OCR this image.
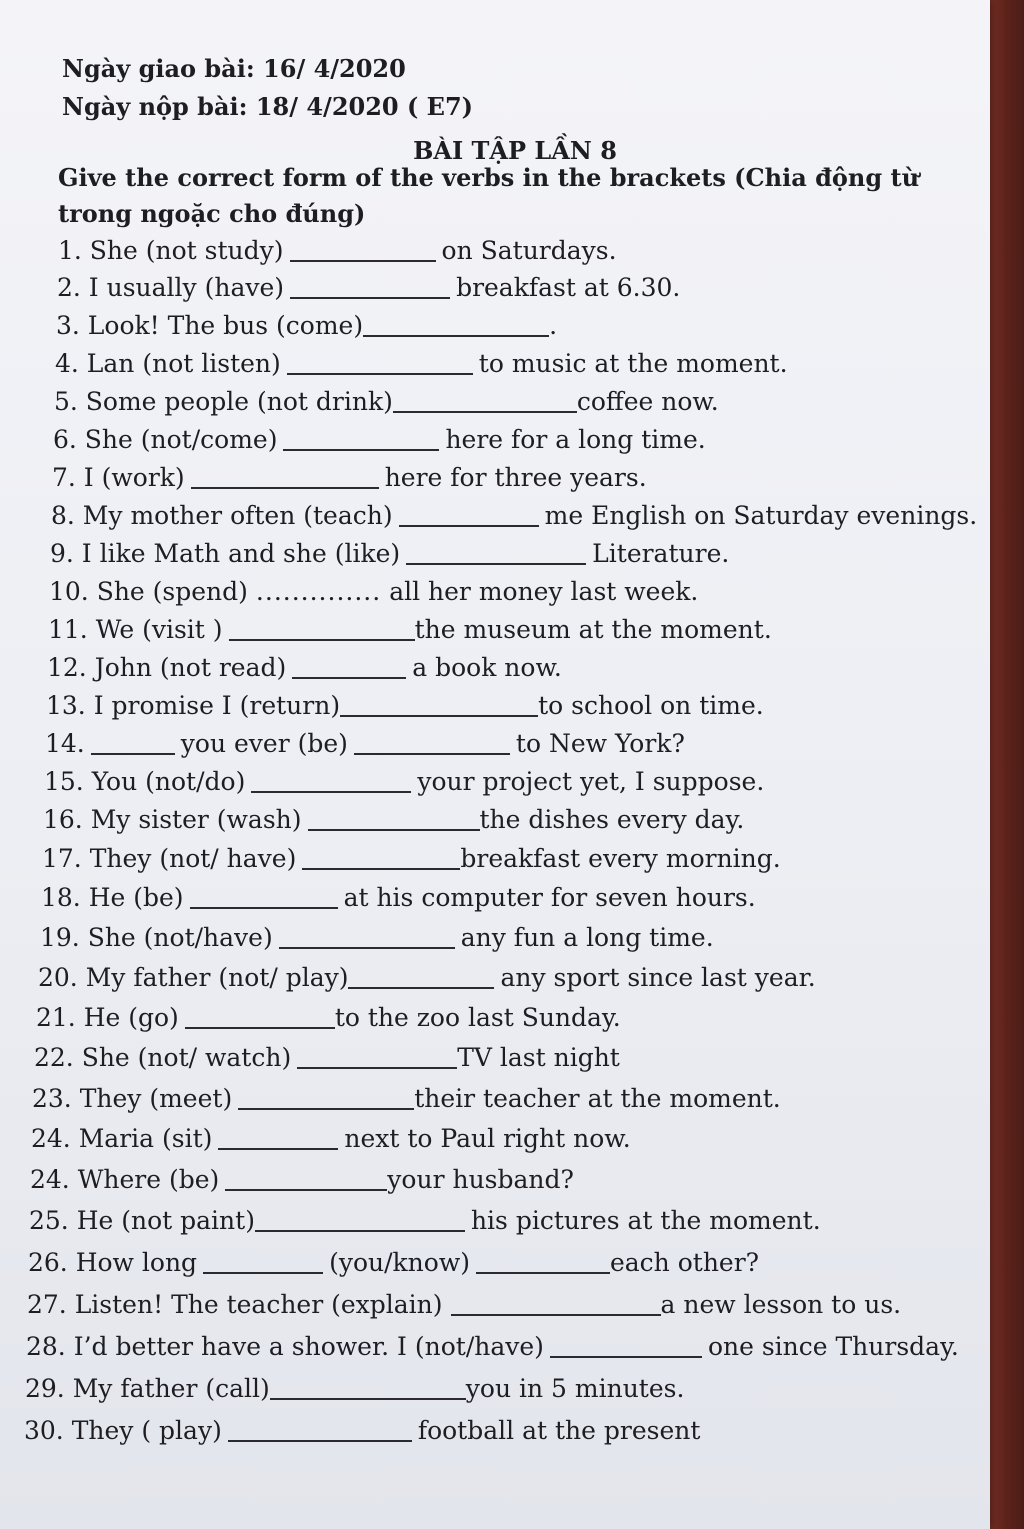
Ngày giao bài: 16/ 4/2020
Ngày nộp bài: 18/ 4/2020 ( E7)
BÀI TẬP LẦN 8
Give the correct form of the verbs in the brackets (Chia động từ trong ngoặc cho đúng)
1. She (not study)	on Saturdays.
2. I usually (have)	breakfast at 6.30.
3. Look! The bus (come)	.
4. Lan (not listen)	to music at the moment.
5. Some people (not drink)	coffee now.
6. She (not/come)	here for a long time.
7. I (work)	here for three years.
8. My mother often (teach)	me English on Saturday evenings.
9. I like Math and she (like)	Literature.
10. She (spend) .............. all her money last week.
11. We (visit )	the museum at the moment.
12. John (not read)	a book now.
13. I promise I (return)	to school on time.
14.	you ever (be)	to New York?
15. You (not/do)	your project yet, I suppose.
16. My sister (wash)	the dishes every day.
17. They (not/ have)	breakfast every morning.
18. He (be)	at his computer for seven hours.
19. She (not/have)	any fun a long time.
20. My father (not/ play)	any sport since last year.
21. He (go)	to the zoo last Sunday.
22. She (not/ watch)	TV last night
23. They (meet)	their teacher at the moment.
24. Maria (sit)	next to Paul right now.
24. Where (be)	your husband?
25. He (not paint)	his pictures at the moment.
26. How long	(you/know)	each other?
27. Listen! The teacher (explain)	a new lesson to us.
28. I’d better have a shower. I (not/have)	one since Thursday.
29. My father (call)	you in 5 minutes.
30. They ( play)	football at the present
